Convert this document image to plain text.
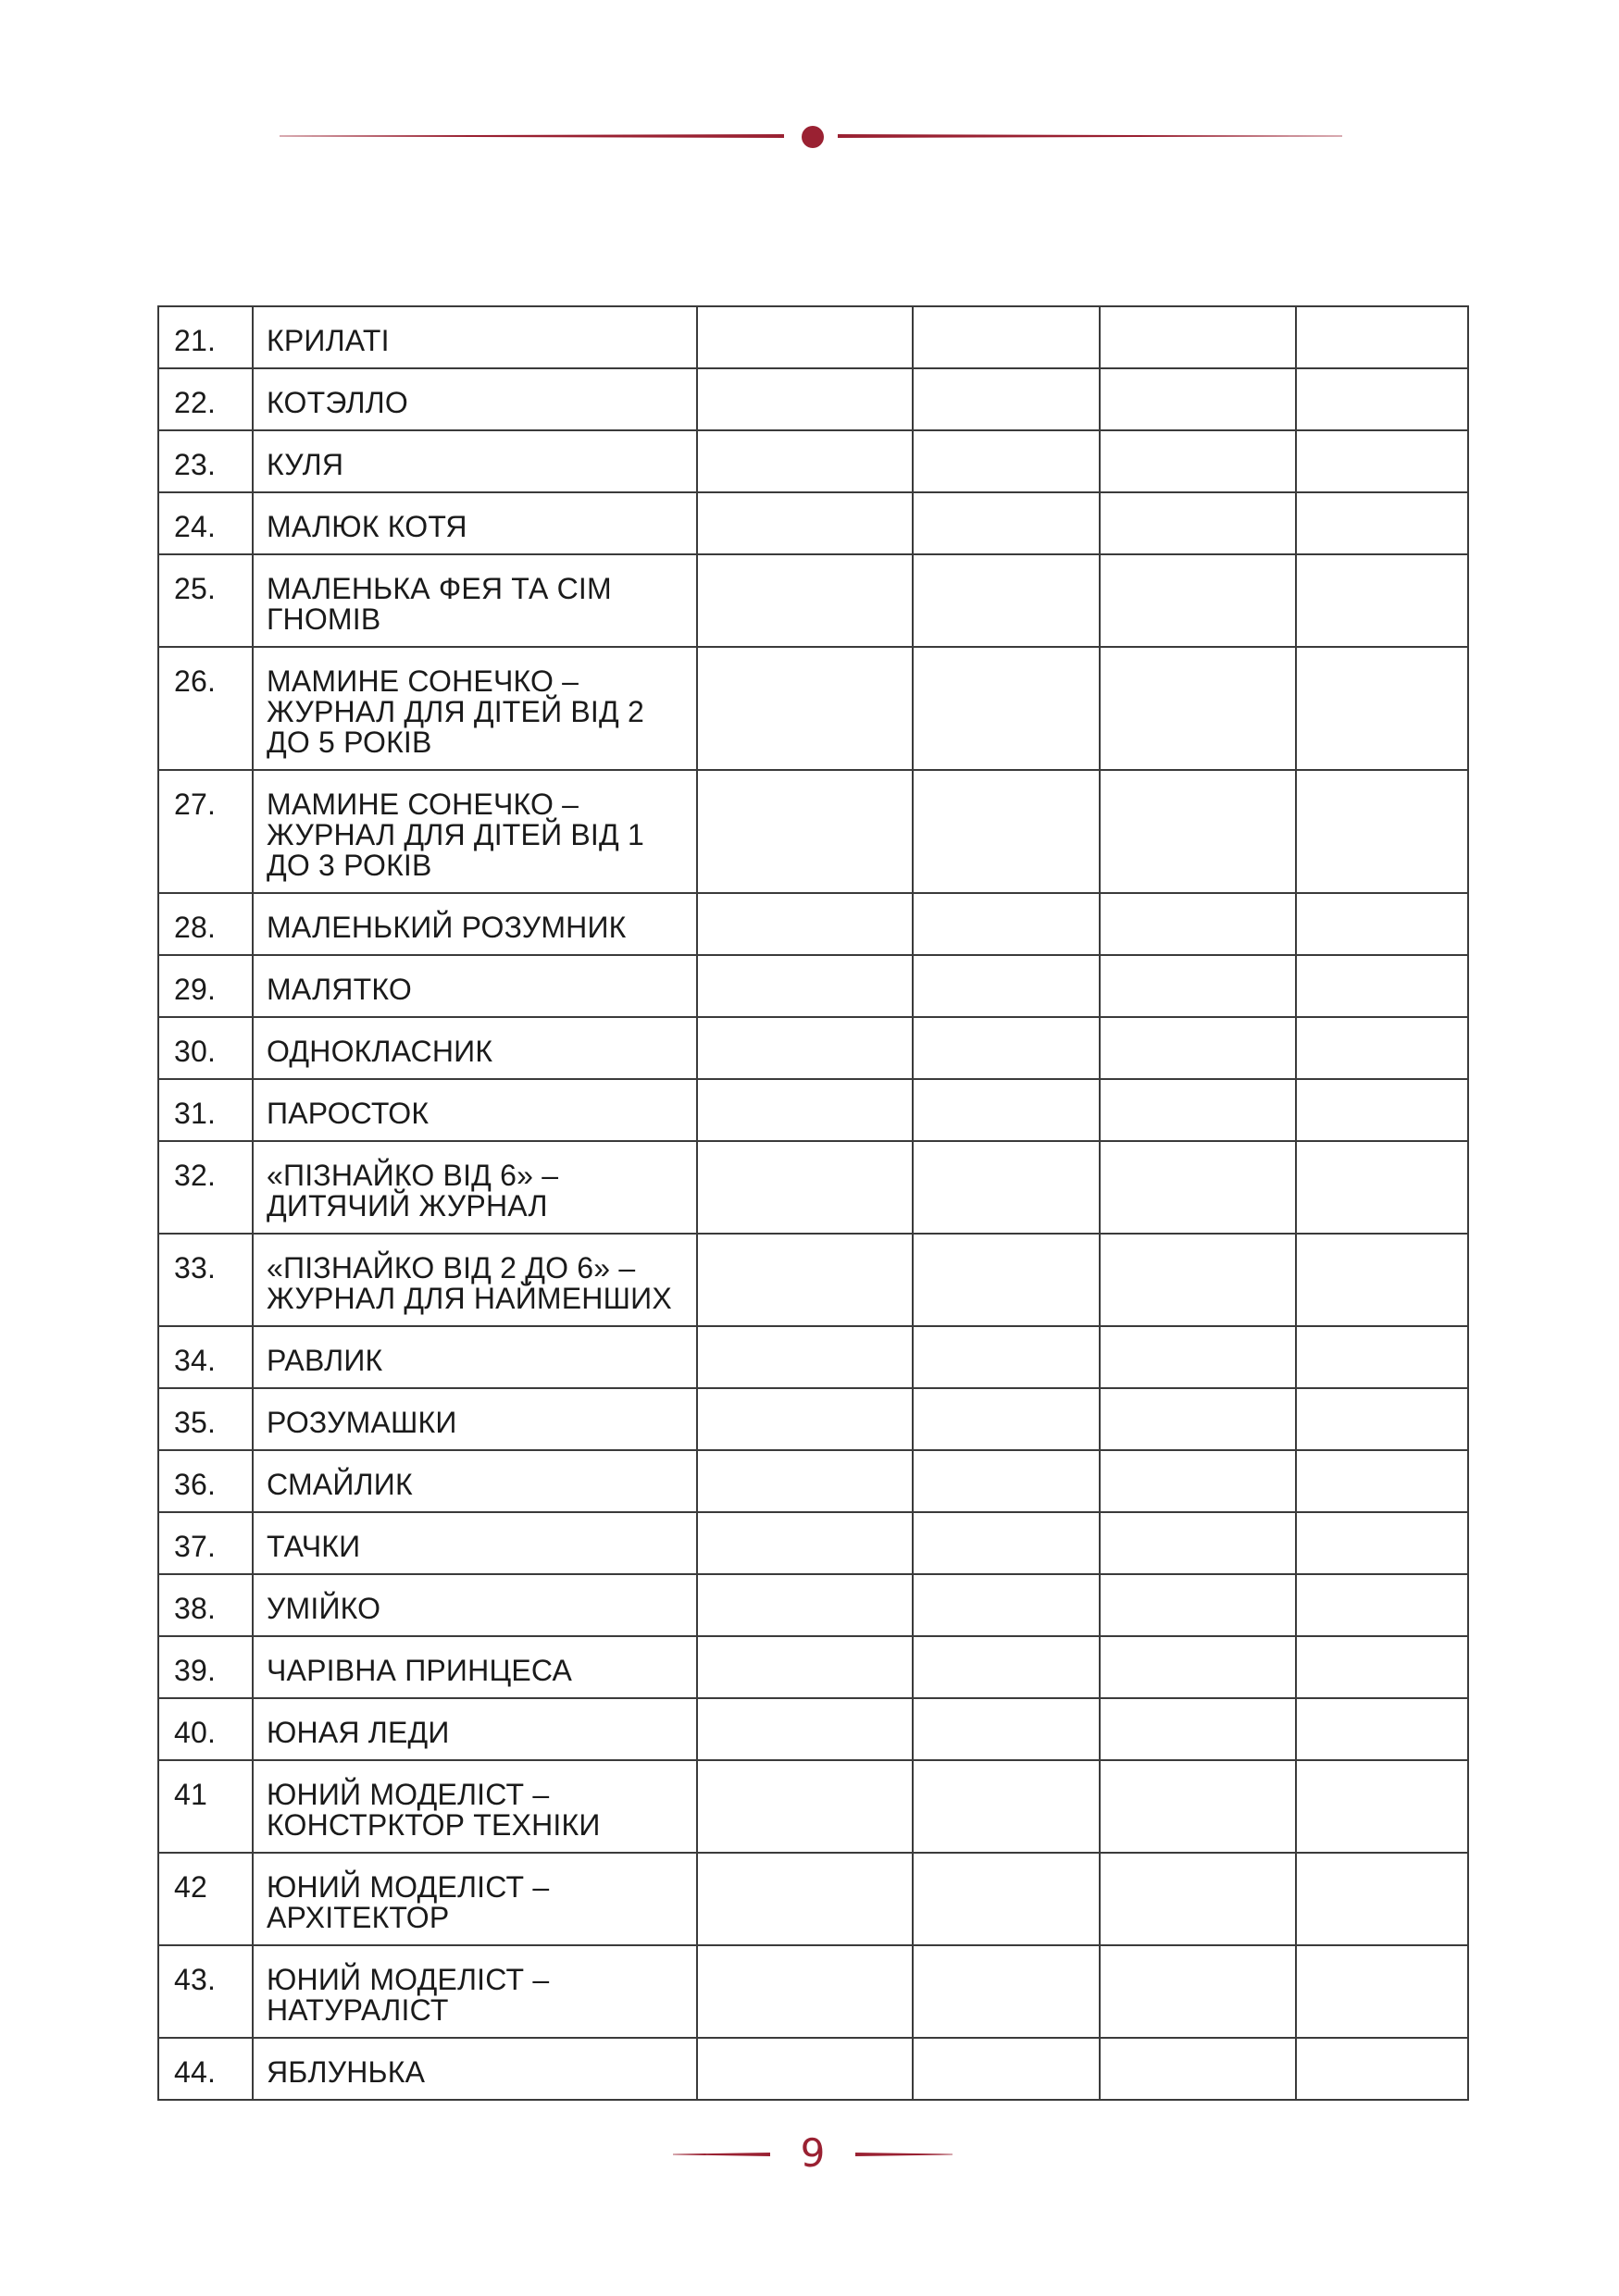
21.	КРИЛАТІ				
22.	КОТЭЛЛО				
23.	КУЛЯ				
24.	МАЛЮК КОТЯ				
25.	МАЛЕНЬКА ФЕЯ ТА СІМ ГНОМІВ				
26.	МАМИНЕ СОНЕЧКО – ЖУРНАЛ ДЛЯ ДІТЕЙ ВІД 2 ДО 5 РОКІВ				
27.	МАМИНЕ СОНЕЧКО – ЖУРНАЛ ДЛЯ ДІТЕЙ ВІД 1 ДО 3 РОКІВ				
28.	МАЛЕНЬКИЙ РОЗУМНИК				
29.	МАЛЯТКО				
30.	ОДНОКЛАСНИК				
31.	ПАРОСТОК				
32.	«ПІЗНАЙКО ВІД 6» – ДИТЯЧИЙ ЖУРНАЛ				
33.	«ПІЗНАЙКО ВІД 2 ДО 6» – ЖУРНАЛ ДЛЯ НАЙМЕНШИХ				
34.	РАВЛИК				
35.	РОЗУМАШКИ				
36.	СМАЙЛИК				
37.	ТАЧКИ				
38.	УМІЙКО				
39.	ЧАРІВНА ПРИНЦЕСА				
40.	ЮНАЯ ЛЕДИ				
41	ЮНИЙ МОДЕЛІСТ – КОНСТРКТОР ТЕХНІКИ				
42	ЮНИЙ МОДЕЛІСТ – АРХІТЕКТОР				
43.	ЮНИЙ МОДЕЛІСТ – НАТУРАЛІСТ				
44.	ЯБЛУНЬКА				
9
